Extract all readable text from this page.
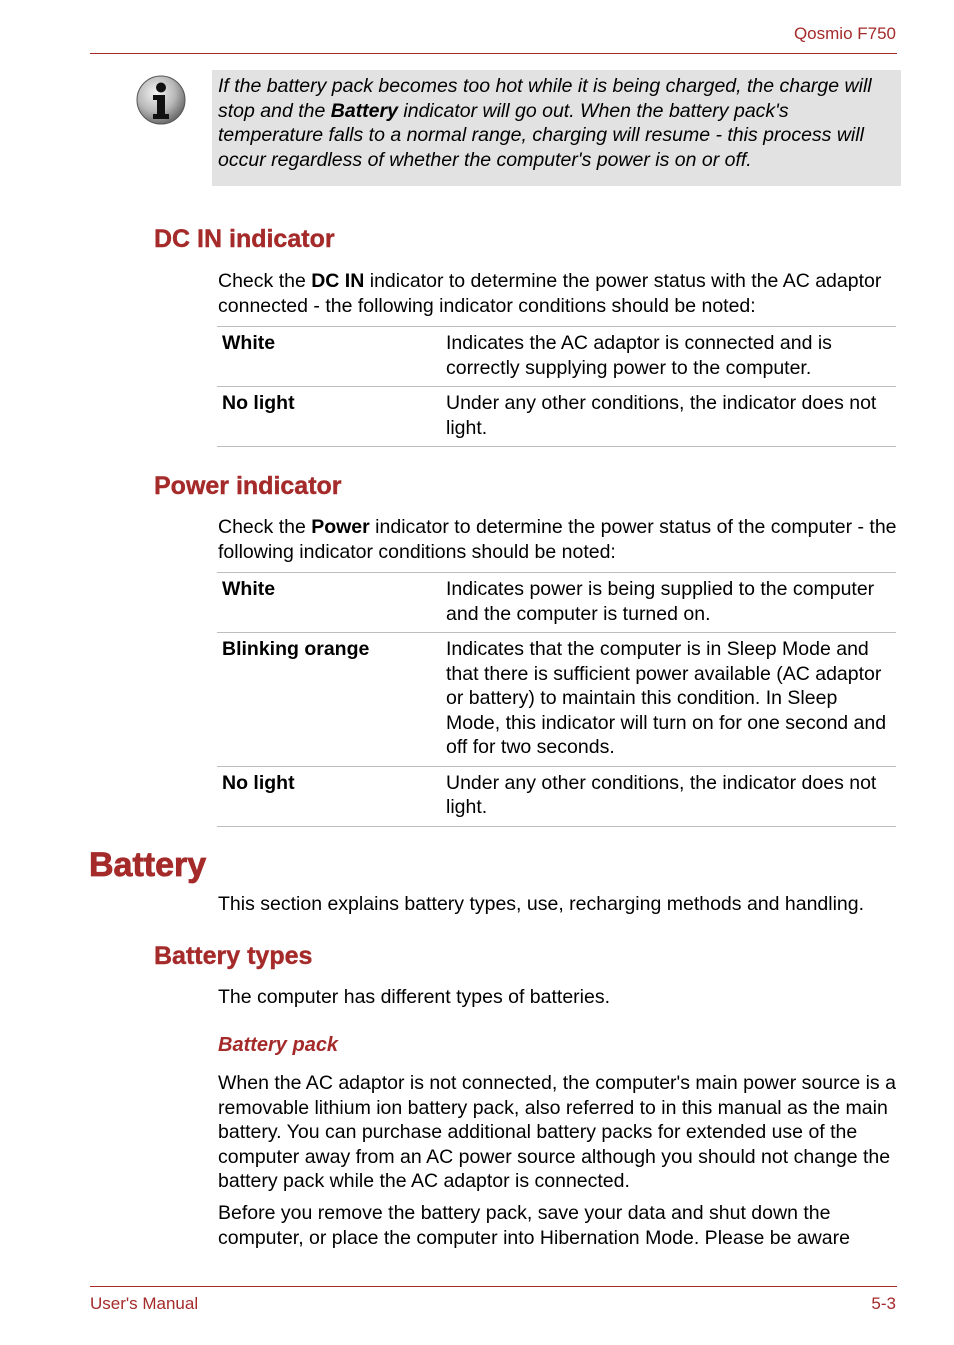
Qosmio F750
If the battery pack becomes too hot while it is being charged, the charge will stop and the Battery indicator will go out. When the battery pack's temperature falls to a normal range, charging will resume - this process will occur regardless of whether the computer's power is on or off.
DC IN indicator

Check the DC IN indicator to determine the power status with the AC adaptor connected - the following indicator conditions should be noted:

White	Indicates the AC adaptor is connected and is correctly supplying power to the computer.
No light	Under any other conditions, the indicator does not light.
Power indicator

Check the Power indicator to determine the power status of the computer - the following indicator conditions should be noted:

White	Indicates power is being supplied to the computer and the computer is turned on.
Blinking orange	Indicates that the computer is in Sleep Mode and that there is sufficient power available (AC adaptor or battery) to maintain this condition. In Sleep Mode, this indicator will turn on for one second and off for two seconds.
No light	Under any other conditions, the indicator does not light.
Battery

This section explains battery types, use, recharging methods and handling.

Battery types

The computer has different types of batteries.

Battery pack

When the AC adaptor is not connected, the computer's main power source is a removable lithium ion battery pack, also referred to in this manual as the main battery. You can purchase additional battery packs for extended use of the computer away from an AC power source although you should not change the battery pack while the AC adaptor is connected.

Before you remove the battery pack, save your data and shut down the computer, or place the computer into Hibernation Mode. Please be aware

User's Manual	5-3
